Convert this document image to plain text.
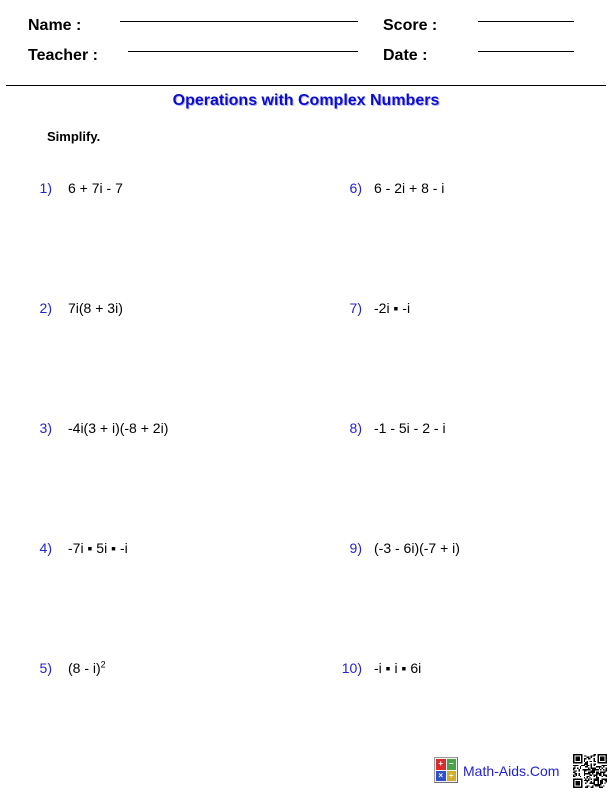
Name :	Score :
Teacher :	Date :
Operations with Complex Numbers
Simplify.
1) 6 + 7i - 7
2) 7i(8 + 3i)
3) -4i(3 + i)(-8 + 2i)
4) -7i ▪ 5i ▪ -i
5) (8 - i)$^2$
6) 6 - 2i + 8 - i
7) -2i ▪ -i
8) -1 - 5i - 2 - i
9) (-3 - 6i)(-7 + i)
10) -i ▪ i ▪ 6i
+ −
× ÷ Math-Aids.Com
